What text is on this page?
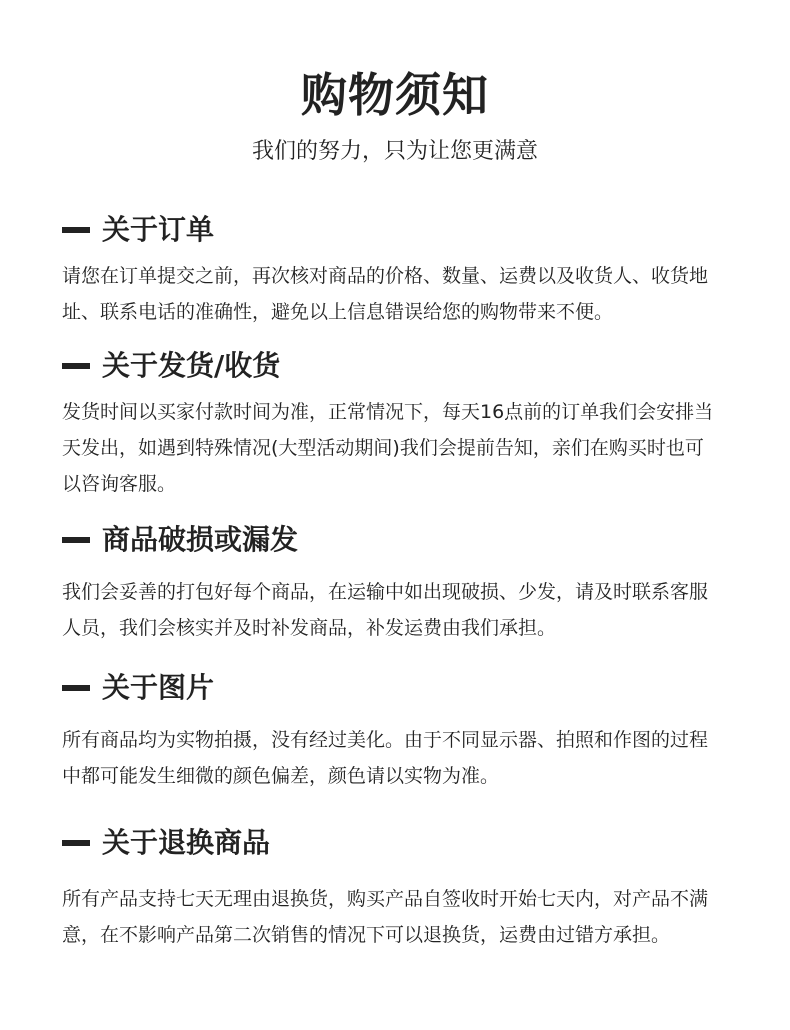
购物须知
我们的努力，只为让您更满意
关于订单

请您在订单提交之前，再次核对商品的价格、数量、运费以及收货人、收货地址、联系电话的准确性，避免以上信息错误给您的购物带来不便。

关于发货/收货

发货时间以买家付款时间为准，正常情况下，每天16点前的订单我们会安排当天发出，如遇到特殊情况(大型活动期间)我们会提前告知，亲们在购买时也可以咨询客服。

商品破损或漏发

我们会妥善的打包好每个商品，在运输中如出现破损、少发，请及时联系客服人员，我们会核实并及时补发商品，补发运费由我们承担。

关于图片

所有商品均为实物拍摄，没有经过美化。由于不同显示器、拍照和作图的过程中都可能发生细微的颜色偏差，颜色请以实物为准。

关于退换商品

所有产品支持七天无理由退换货，购买产品自签收时开始七天内，对产品不满意，在不影响产品第二次销售的情况下可以退换货，运费由过错方承担。
